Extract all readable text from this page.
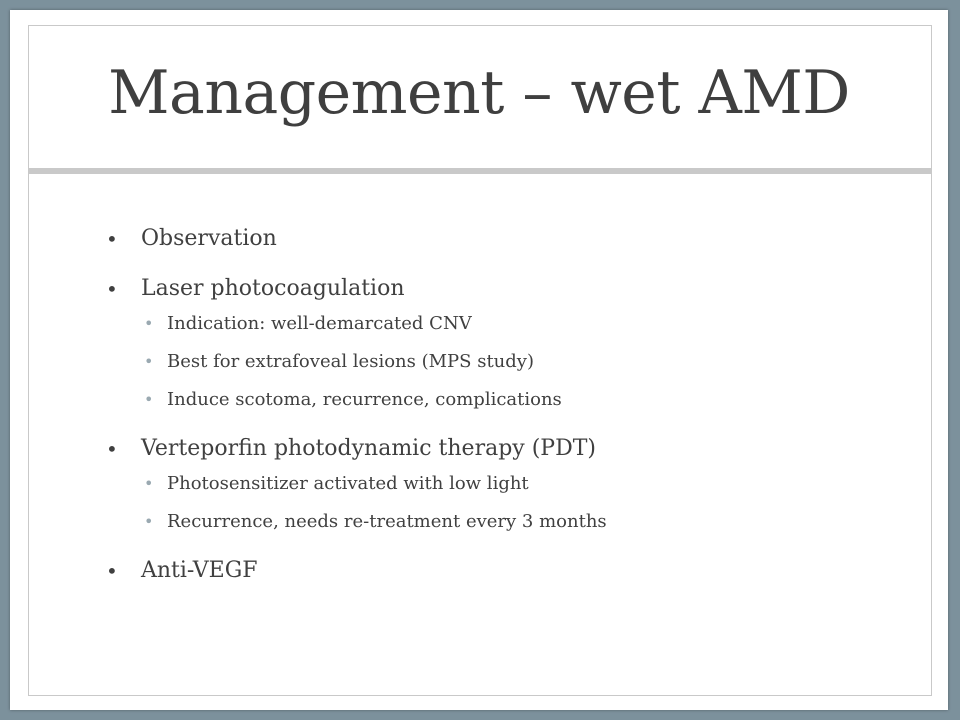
Management – wet AMD
• Observation
• Laser photocoagulation
• Indication: well-demarcated CNV
• Best for extrafoveal lesions (MPS study)
• Induce scotoma, recurrence, complications
• Verteporfin photodynamic therapy (PDT)
• Photosensitizer activated with low light
• Recurrence, needs re-treatment every 3 months
• Anti-VEGF
